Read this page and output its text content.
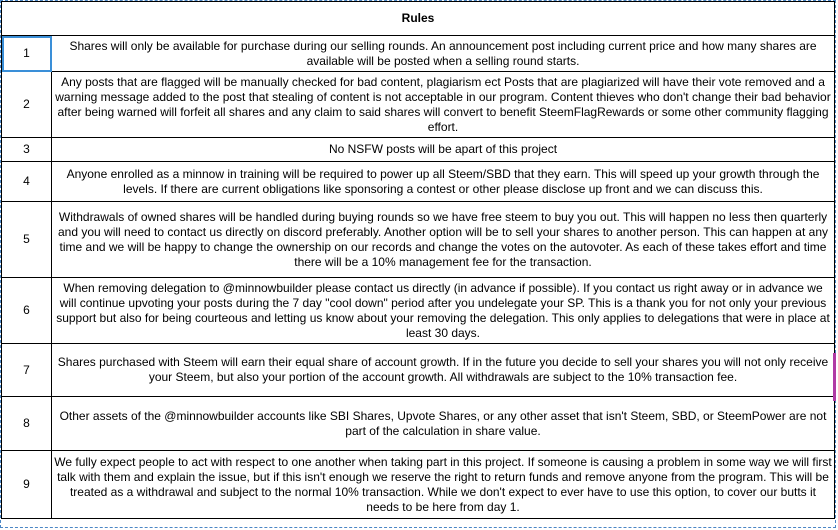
Rules	
1	Shares will only be available for purchase during our selling rounds. An announcement post including current price and how many shares are available will be posted when a selling round starts.
2	Any posts that are flagged will be manually checked for bad content, plagiarism ect Posts that are plagiarized will have their vote removed and a warning message added to the post that stealing of content is not acceptable in our program. Content thieves who don't change their bad behavior after being warned will forfeit all shares and any claim to said shares will convert to benefit SteemFlagRewards or some other community flagging effort.
3	No NSFW posts will be apart of this project
4	Anyone enrolled as a minnow in training will be required to power up all Steem/SBD that they earn. This will speed up your growth through the levels. If there are current obligations like sponsoring a contest or other please disclose up front and we can discuss this.
5	Withdrawals of owned shares will be handled during buying rounds so we have free steem to buy you out. This will happen no less then quarterly and you will need to contact us directly on discord preferably. Another option will be to sell your shares to another person. This can happen at any time and we will be happy to change the ownership on our records and change the votes on the autovoter. As each of these takes effort and time there will be a 10% management fee for the transaction.
6	When removing delegation to @minnowbuilder please contact us directly (in advance if possible). If you contact us right away or in advance we will continue upvoting your posts during the 7 day "cool down" period after you undelegate your SP. This is a thank you for not only your previous support but also for being courteous and letting us know about your removing the delegation. This only applies to delegations that were in place at least 30 days.
7	Shares purchased with Steem will earn their equal share of account growth. If in the future you decide to sell your shares you will not only receive your Steem, but also your portion of the account growth. All withdrawals are subject to the 10% transaction fee.
8	Other assets of the @minnowbuilder accounts like SBI Shares, Upvote Shares, or any other asset that isn't Steem, SBD, or SteemPower are not part of the calculation in share value.
9	We fully expect people to act with respect to one another when taking part in this project. If someone is causing a problem in some way we will first talk with them and explain the issue, but if this isn't enough we reserve the right to return funds and remove anyone from the program. This will be treated as a withdrawal and subject to the normal 10% transaction. While we don't expect to ever have to use this option, to cover our butts it needs to be here from day 1.
